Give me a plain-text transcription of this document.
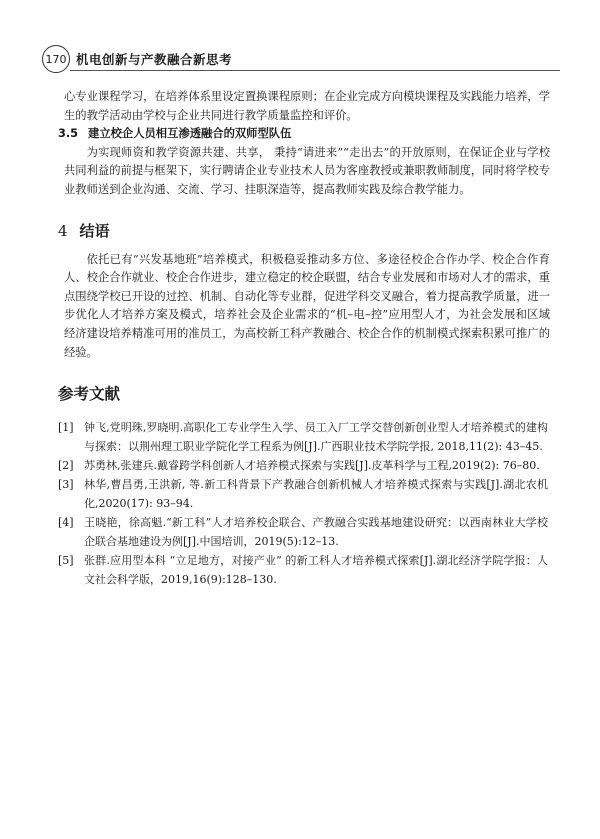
170 机电创新与产教融合新思考

心专业课程学习，在培养体系里设定置换课程原则；在企业完成方向模块课程及实践能力培养，学生的教学活动由学校与企业共同进行教学质量监控和评价。

3.5 建立校企人员相互渗透融合的双师型队伍

为实现师资和教学资源共建、共享， 秉持“请进来”“走出去”的开放原则，在保证企业与学校共同利益的前提与框架下，实行聘请企业专业技术人员为客座教授或兼职教师制度，同时将学校专业教师送到企业沟通、交流、学习、挂职深造等，提高教师实践及综合教学能力。

4 结语

依托已有“兴发基地班”培养模式，积极稳妥推动多方位、多途径校企合作办学、校企合作育人、校企合作就业、校企合作进步，建立稳定的校企联盟，结合专业发展和市场对人才的需求，重点围绕学校已开设的过控、机制、自动化等专业群，促进学科交叉融合，着力提高教学质量，进一步优化人才培养方案及模式，培养社会及企业需求的“机–电–控”应用型人才，为社会发展和区域经济建设培养精准可用的准员工，为高校新工科产教融合、校企合作的机制模式探索积累可推广的经验。

参考文献
[1] 钟飞,党明珠,罗晓明.高职化工专业学生入学、员工入厂工学交替创新创业型人才培养模式的建构与探索：以荆州理工职业学院化学工程系为例[J].广西职业技术学院学报, 2018,11(2): 43–45.
[2] 苏勇林,张建兵.戴睿跨学科创新人才培养模式探索与实践[J].皮革科学与工程,2019(2): 76–80.
[3] 林华,曹昌勇,王洪新, 等.新工科背景下产教融合创新机械人才培养模式探索与实践[J].湖北农机化,2020(17): 93–94.
[4] 王晓艳，徐高魁.“新工科”人才培养校企联合、产教融合实践基地建设研究：以西南林业大学校企联合基地建设为例[J].中国培训，2019(5):12–13.
[5] 张群.应用型本科 “立足地方，对接产业” 的新工科人才培养模式探索[J].湖北经济学院学报：人文社会科学版，2019,16(9):128–130.
